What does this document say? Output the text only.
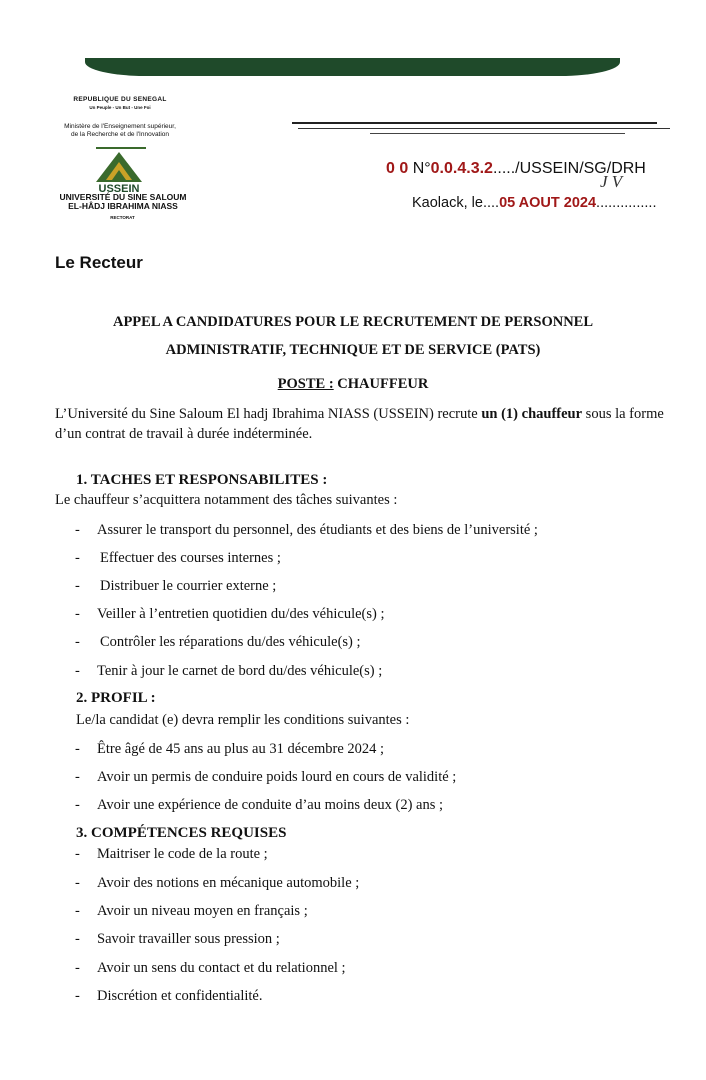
REPUBLIQUE DU SENEGAL
Un Peuple - Un But - Une Foi
Ministère de l'Enseignement supérieur,
de la Recherche et de l'Innovation
USSEIN
UNIVERSITÉ DU SINE SALOUM
EL-HÂDJ IBRAHIMA NIASS
RECTORAT
0 0 N°0.0.4.3.2...../USSEIN/SG/DRH
J V
Kaolack, le....05 AOUT 2024...............
Le Recteur
APPEL A CANDIDATURES POUR LE RECRUTEMENT DE PERSONNEL
ADMINISTRATIF, TECHNIQUE ET DE SERVICE (PATS)
POSTE : CHAUFFEUR
L’Université du Sine Saloum El hadj Ibrahima NIASS (USSEIN) recrute un (1) chauffeur sous la forme d’un contrat de travail à durée indéterminée.
1. TACHES ET RESPONSABILITES :
Le chauffeur s’acquittera notamment des tâches suivantes :
- Assurer le transport du personnel, des étudiants et des biens de l’université ;
- Effectuer des courses internes ;
- Distribuer le courrier externe ;
- Veiller à l’entretien quotidien du/des véhicule(s) ;
- Contrôler les réparations du/des véhicule(s) ;
- Tenir à jour le carnet de bord du/des véhicule(s) ;
2. PROFIL :
Le/la candidat (e) devra remplir les conditions suivantes :
- Être âgé de 45 ans au plus au 31 décembre 2024 ;
- Avoir un permis de conduire poids lourd en cours de validité ;
- Avoir une expérience de conduite d’au moins deux (2) ans ;
3. COMPÉTENCES REQUISES
- Maitriser le code de la route ;
- Avoir des notions en mécanique automobile ;
- Avoir un niveau moyen en français ;
- Savoir travailler sous pression ;
- Avoir un sens du contact et du relationnel ;
- Discrétion et confidentialité.
